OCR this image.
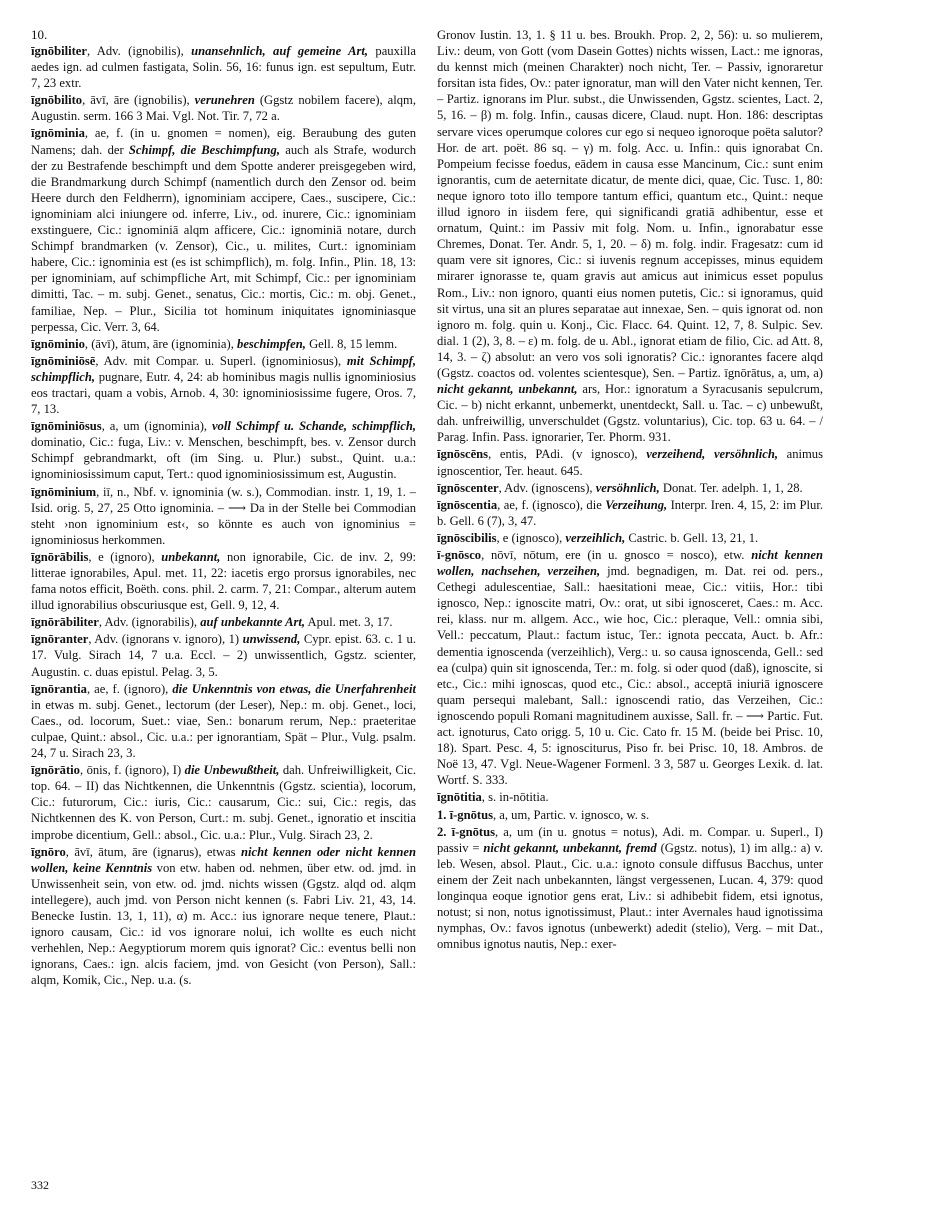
10.
īgnōbiliter, Adv. (ignobilis), unansehnlich, auf gemeine Art, pauxilla aedes ign. ad culmen fastigata, Solin. 56, 16: funus ign. est sepultum, Eutr. 7, 23 extr.
īgnōbilito, āvī, āre (ignobilis), verunehren (Ggstz nobilem facere), alqm, Augustin. serm. 166 3 Mai. Vgl. Not. Tir. 7, 72 a.
īgnōminia, ae, f. (in u. gnomen = nomen), eig. Beraubung des guten Namens; dah. der Schimpf, die Beschimpfung, auch als Strafe, wodurch der zu Bestrafende beschimpft und dem Spotte anderer preisgegeben wird, die Brandmarkung durch Schimpf (namentlich durch den Zensor od. beim Heere durch den Feldherrn), ignominiam accipere, Caes., suscipere, Cic.: ignominiam alci iniungere od. inferre, Liv., od. inurere, Cic.: ignominiam exstinguere, Cic.: ignominiā alqm afficere, Cic.: ignominiā notare, durch Schimpf brandmarken (v. Zensor), Cic., u. milites, Curt.: ignominiam habere, Cic.: ignominia est (es ist schimpflich), m. folg. Infin., Plin. 18, 13: per ignominiam, auf schimpfliche Art, mit Schimpf, Cic.: per ignominiam dimitti, Tac. – m. subj. Genet., senatus, Cic.: mortis, Cic.: m. obj. Genet., familiae, Nep. – Plur., Sicilia tot hominum iniquitates ignominiasque perpessa, Cic. Verr. 3, 64.
īgnōminio, (āvī), ātum, āre (ignominia), beschimpfen, Gell. 8, 15 lemm.
īgnōminiōsē, Adv. mit Compar. u. Superl. (ignominiosus), mit Schimpf, schimpflich, pugnare, Eutr. 4, 24: ab hominibus magis nullis ignominiosius eos tractari, quam a vobis, Arnob. 4, 30: ignominiosissime fugere, Oros. 7, 7, 13.
īgnōminiōsus, a, um (ignominia), voll Schimpf u. Schande, schimpflich, dominatio, Cic.: fuga, Liv.: v. Menschen, beschimpft, bes. v. Zensor durch Schimpf gebrandmarkt, oft (im Sing. u. Plur.) subst., Quint. u.a.: ignominiosissimum caput, Tert.: quod ignominiosissimum est, Augustin.
īgnōminium, iī, n., Nbf. v. ignominia (w. s.), Commodian. instr. 1, 19, 1. – Isid. orig. 5, 27, 25 Otto ignominia. – ⟶ Da in der Stelle bei Commodian steht ›non ignominium est‹, so könnte es auch von ignominius = ignominiosus herkommen.
īgnōrābilis, e (ignoro), unbekannt, non ignorabile, Cic. de inv. 2, 99: litterae ignorabiles, Apul. met. 11, 22: iacetis ergo prorsus ignorabiles, nec fama notos efficit, Boëth. cons. phil. 2. carm. 7, 21: Compar., alterum autem illud ignorabilius obscuriusque est, Gell. 9, 12, 4.
īgnōrābiliter, Adv. (ignorabilis), auf unbekannte Art, Apul. met. 3, 17.
īgnōranter, Adv. (ignorans v. ignoro), 1) unwissend, Cypr. epist. 63. c. 1 u. 17. Vulg. Sirach 14, 7 u.a. Eccl. – 2) unwissentlich, Ggstz. scienter, Augustin. c. duas epistul. Pelag. 3, 5.
īgnōrantia, ae, f. (ignoro), die Unkenntnis von etwas, die Unerfahrenheit in etwas m. subj. Genet., lectorum (der Leser), Nep.: m. obj. Genet., loci, Caes., od. locorum, Suet.: viae, Sen.: bonarum rerum, Nep.: praeteritae culpae, Quint.: absol., Cic. u.a.: per ignorantiam, Spät – Plur., Vulg. psalm. 24, 7 u. Sirach 23, 3.
īgnōrātio, ōnis, f. (ignoro), I) die Unbewußtheit, dah. Unfreiwilligkeit, Cic. top. 64. – II) das Nichtkennen, die Unkenntnis (Ggstz. scientia), locorum, Cic.: futurorum, Cic.: iuris, Cic.: causarum, Cic.: sui, Cic.: regis, das Nichtkennen des K. von Person, Curt.: m. subj. Genet., ignoratio et inscitia improbe dicentium, Gell.: absol., Cic. u.a.: Plur., Vulg. Sirach 23, 2.
īgnōro, āvī, ātum, āre (ignarus), etwas nicht kennen oder nicht kennen wollen, keine Kenntnis von etw. haben od. nehmen, über etw. od. jmd. in Unwissenheit sein, von etw. od. jmd. nichts wissen (Ggstz. alqd od. alqm intellegere), auch jmd. von Person nicht kennen (s. Fabri Liv. 21, 43, 14. Benecke Iustin. 13, 1, 11), α) m. Acc.: ius ignorare neque tenere, Plaut.: ignoro causam, Cic.: id vos ignorare nolui, ich wollte es euch nicht verhehlen, Nep.: Aegyptiorum morem quis ignorat? Cic.: eventus belli non ignorans, Caes.: ign. alcis faciem, jmd. von Gesicht (von Person), Sall.: alqm, Komik, Cic., Nep. u.a. (s.
Gronov Iustin. 13, 1. § 11 u. bes. Broukh. Prop. 2, 2, 56): u. so mulierem, Liv.: deum, von Gott (vom Dasein Gottes) nichts wissen, Lact.: me ignoras, du kennst mich (meinen Charakter) noch nicht, Ter. – Passiv, ignoraretur forsitan ista fides, Ov.: pater ignoratur, man will den Vater nicht kennen, Ter. – Partiz. ignorans im Plur. subst., die Unwissenden, Ggstz. scientes, Lact. 2, 5, 16. – β) m. folg. Infin., causas dicere, Claud. nupt. Hon. 186: descriptas servare vices operumque colores cur ego si nequeo ignoroque poëta salutor? Hor. de art. poët. 86 sq. – γ) m. folg. Acc. u. Infin.: quis ignorabat Cn. Pompeium fecisse foedus, eādem in causa esse Mancinum, Cic.: sunt enim ignorantis, cum de aeternitate dicatur, de mente dici, quae, Cic. Tusc. 1, 80: neque ignoro toto illo tempore tantum effici, quantum etc., Quint.: neque illud ignoro in iisdem fere, qui significandi gratiā adhibentur, esse et ornatum, Quint.: im Passiv mit folg. Nom. u. Infin., ignorabatur esse Chremes, Donat. Ter. Andr. 5, 1, 20. – δ) m. folg. indir. Fragesatz: cum id quam vere sit ignores, Cic.: si iuvenis regnum accepisses, minus equidem mirarer ignorasse te, quam gravis aut amicus aut inimicus esset populus Rom., Liv.: non ignoro, quanti eius nomen putetis, Cic.: si ignoramus, quid sit virtus, una sit an plures separatae aut innexae, Sen. – quis ignorat od. non ignoro m. folg. quin u. Konj., Cic. Flacc. 64. Quint. 12, 7, 8. Sulpic. Sev. dial. 1 (2), 3, 8. – ε) m. folg. de u. Abl., ignorat etiam de filio, Cic. ad Att. 8, 14, 3. – ζ) absolut: an vero vos soli ignoratis? Cic.: ignorantes facere alqd (Ggstz. coactos od. volentes scientesque), Sen. – Partiz. īgnōrātus, a, um, a) nicht gekannt, unbekannt, ars, Hor.: ignoratum a Syracusanis sepulcrum, Cic. – b) nicht erkannt, unbemerkt, unentdeckt, Sall. u. Tac. – c) unbewußt, dah. unfreiwillig, unverschuldet (Ggstz. voluntarius), Cic. top. 63 u. 64. – / Parag. Infin. Pass. ignorarier, Ter. Phorm. 931.
īgnōscēns, entis, PAdi. (v ignosco), verzeihend, versöhnlich, animus ignoscentior, Ter. heaut. 645.
īgnōscenter, Adv. (ignoscens), versöhnlich, Donat. Ter. adelph. 1, 1, 28.
īgnōscentia, ae, f. (ignosco), die Verzeihung, Interpr. Iren. 4, 15, 2: im Plur. b. Gell. 6 (7), 3, 47.
īgnōscibilis, e (ignosco), verzeihlich, Castric. b. Gell. 13, 21, 1.
ī-gnōsco, nōvī, nōtum, ere (in u. gnosco = nosco), etw. nicht kennen wollen, nachsehen, verzeihen, jmd. begnadigen, m. Dat. rei od. pers., Cethegi adulescentiae, Sall.: haesitationi meae, Cic.: vitiis, Hor.: tibi ignosco, Nep.: ignoscite matri, Ov.: orat, ut sibi ignosceret, Caes.: m. Acc. rei, klass. nur m. allgem. Acc., wie hoc, Cic.: pleraque, Vell.: omnia sibi, Vell.: peccatum, Plaut.: factum istuc, Ter.: ignota peccata, Auct. b. Afr.: dementia ignoscenda (verzeihlich), Verg.: u. so causa ignoscenda, Gell.: sed ea (culpa) quin sit ignoscenda, Ter.: m. folg. si oder quod (daß), ignoscite, si etc., Cic.: mihi ignoscas, quod etc., Cic.: absol., acceptā iniuriā ignoscere quam persequi malebant, Sall.: ignoscendi ratio, das Verzeihen, Cic.: ignoscendo populi Romani magnitudinem auxisse, Sall. fr. – ⟶ Partic. Fut. act. ignoturus, Cato origg. 5, 10 u. Cic. Cato fr. 15 M. (beide bei Prisc. 10, 18). Spart. Pesc. 4, 5: ignosciturus, Piso fr. bei Prisc. 10, 18. Ambros. de Noë 13, 47. Vgl. Neue-Wagener Formenl. 3 3, 587 u. Georges Lexik. d. lat. Wortf. S. 333.
īgnōtitia, s. in-nōtitia.
1. ī-gnōtus, a, um, Partic. v. ignosco, w. s.
2. ī-gnōtus, a, um (in u. gnotus = notus), Adi. m. Compar. u. Superl., I) passiv = nicht gekannt, unbekannt, fremd (Ggstz. notus), 1) im allg.: a) v. leb. Wesen, absol. Plaut., Cic. u.a.: ignoto consule diffusus Bacchus, unter einem der Zeit nach unbekannten, längst vergessenen, Lucan. 4, 379: quod longinqua eoque ignotior gens erat, Liv.: si adhibebit fidem, etsi ignotus, notust; si non, notus ignotissimust, Plaut.: inter Avernales haud ignotissima nymphas, Ov.: favos ignotus (unbewerkt) adedit (stelio), Verg. – mit Dat., omnibus ignotus nautis, Nep.: exer-
332
